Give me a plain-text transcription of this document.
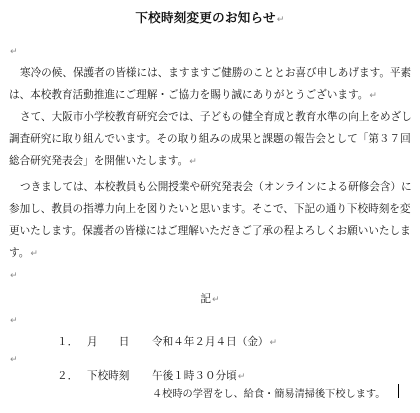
下校時刻変更のお知らせ↵
↵
寒冷の候、保護者の皆様には、ますますご健勝のこととお喜び申しあげます。平素
は、本校教育活動推進にご理解・ご協力を賜り誠にありがとうございます。↵
さて、大阪市小学校教育研究会では、子どもの健全育成と教育水準の向上をめざし
調査研究に取り組んでいます。その取り組みの成果と課題の報告会として「第３７回
総合研究発表会」を開催いたします。↵
つきましては、本校教員も公開授業や研究発表会（オンラインによる研修会含）に
参加し、教員の指導力向上を図りたいと思います。そこで、下記の通り下校時刻を変
更いたします。保護者の皆様にはご理解いただきご了承の程よろしくお願いいたしま
す。↵
↵
記↵
↵
１． 月　　日 令和４年２月４日（金）↵
↵
２． 下校時刻 午後１時３０分頃↵
４校時の学習をし、給食・簡易清掃後下校します。
